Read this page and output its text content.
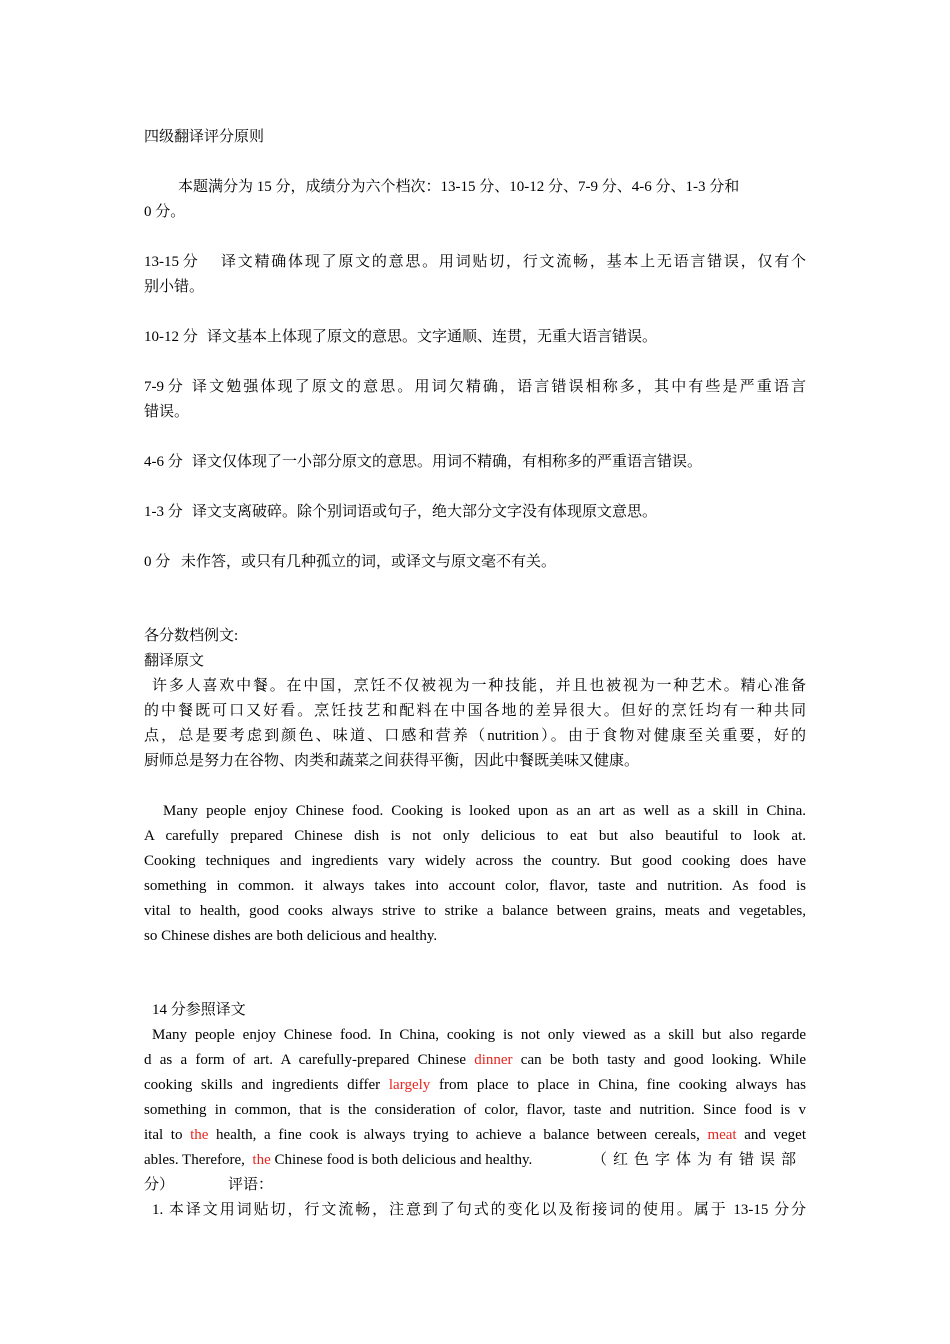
四级翻译评分原则
本题满分为 15 分，成绩分为六个档次：13-15 分、10-12 分、7-9 分、4-6 分、1-3 分和
0 分。
13-15 分 译文精确体现了原文的意思。用词贴切，行文流畅，基本上无语言错误，仅有个
别小错。
10-12 分 译文基本上体现了原文的意思。文字通顺、连贯，无重大语言错误。
7-9 分 译文勉强体现了原文的意思。用词欠精确，语言错误相称多，其中有些是严重语言
错误。
4-6 分 译文仅体现了一小部分原文的意思。用词不精确，有相称多的严重语言错误。
1-3 分 译文支离破碎。除个别词语或句子，绝大部分文字没有体现原文意思。
0 分 未作答，或只有几种孤立的词，或译文与原文毫不有关。
各分数档例文:
翻译原文
许多人喜欢中餐。在中国，烹饪不仅被视为一种技能，并且也被视为一种艺术。精心准备
的中餐既可口又好看。烹饪技艺和配料在中国各地的差异很大。但好的烹饪均有一种共同
点，总是要考虑到颜色、味道、口感和营养（nutrition）。由于食物对健康至关重要，好的
厨师总是努力在谷物、肉类和蔬菜之间获得平衡，因此中餐既美味又健康。
Many people enjoy Chinese food. Cooking is looked upon as an art as well as a skill in China.
A carefully prepared Chinese dish is not only delicious to eat but also beautiful to look at.
Cooking techniques and ingredients vary widely across the country. But good cooking does have
something in common. it always takes into account color, flavor, taste and nutrition. As food is
vital to health, good cooks always strive to strike a balance between grains, meats and vegetables,
so Chinese dishes are both delicious and healthy.
14 分参照译文
Many people enjoy Chinese food. In China, cooking is not only viewed as a skill but also regarde
d as a form of art. A carefully-prepared Chinese dinner can be both tasty and good looking. While
cooking skills and ingredients differ largely from place to place in China, fine cooking always has
something in common, that is the consideration of color, flavor, taste and nutrition. Since food is v
ital to the health, a fine cook is always trying to achieve a balance between cereals, meat and veget
ables. Therefore,  the Chinese food is both delicious and healthy.	（红色字体为有错误部
分）	评语：
1. 本译文用词贴切，行文流畅，注意到了句式的变化以及衔接词的使用。属于 13-15 分分
